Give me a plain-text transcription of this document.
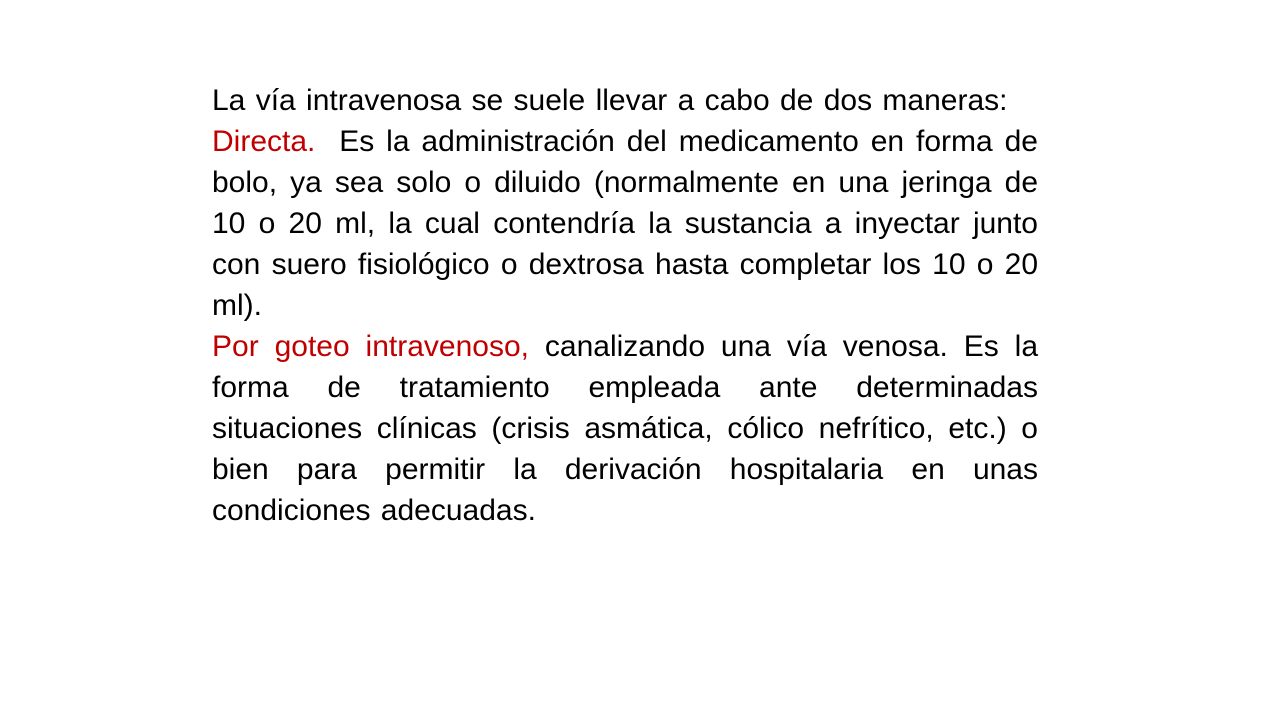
La vía intravenosa se suele llevar a cabo de dos maneras:

Directa. Es la administración del medicamento en forma de bolo, ya sea solo o diluido (normalmente en una jeringa de 10 o 20 ml, la cual contendría la sustancia a inyectar junto con suero fisiológico o dextrosa hasta completar los 10 o 20 ml).

Por goteo intravenoso, canalizando una vía venosa. Es la forma de tratamiento empleada ante determinadas situaciones clínicas (crisis asmática, cólico nefrítico, etc.) o bien para permitir la derivación hospitalaria en unas condiciones adecuadas.
